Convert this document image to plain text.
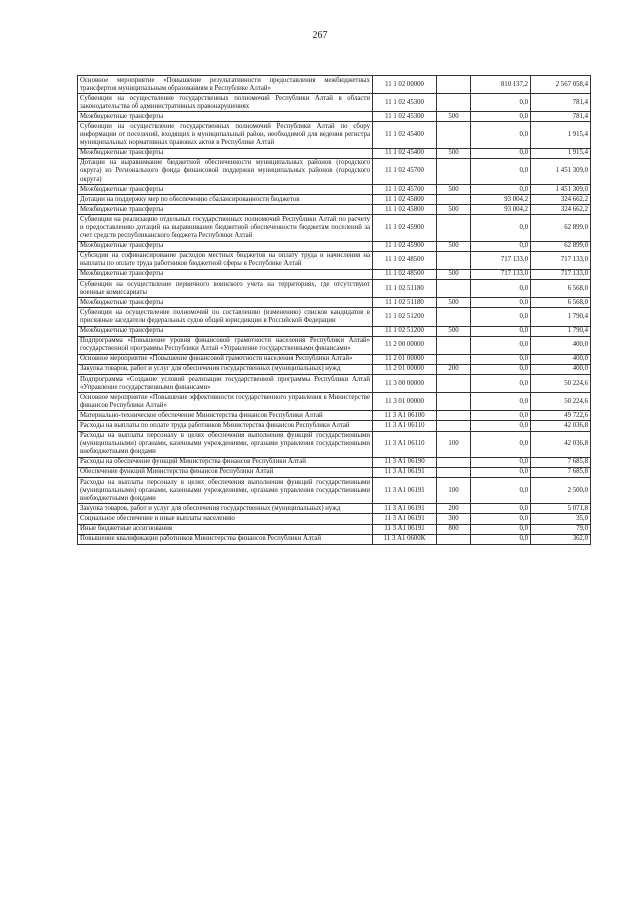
267
Основное мероприятие «Повышение результативности предоставления межбюджетных трансфертов муниципальным образованиям в Республике Алтай»	11 1 02 00000		810 137,2	2 567 058,4
Субвенции на осуществление государственных полномочий Республики Алтай в области законодательства об административных правонарушениях	11 1 02 45300		0,0	781,4
Межбюджетные трансферты	11 1 02 45300	500	0,0	781,4
Субвенции на осуществление государственных полномочий Республики Алтай по сбору информации от поселений, входящих в муниципальный район, необходимой для ведения регистра муниципальных нормативных правовых актов в Республике Алтай	11 1 02 45400		0,0	1 915,4
Межбюджетные трансферты	11 1 02 45400	500	0,0	1 915,4
Дотации на выравнивание бюджетной обеспеченности муниципальных районов (городского округа) из Регионального фонда финансовой поддержки муниципальных районов (городского округа)	11 1 02 45700		0,0	1 451 309,0
Межбюджетные трансферты	11 1 02 45700	500	0,0	1 451 309,0
Дотации на поддержку мер по обеспечению сбалансированности бюджетов	11 1 02 45800		93 004,2	324 662,2
Межбюджетные трансферты	11 1 02 45800	500	93 004,2	324 662,2
Субвенции на реализацию отдельных государственных полномочий Республики Алтай по расчету и предоставлению дотаций на выравнивание бюджетной обеспеченности бюджетам поселений за счет средств республиканского бюджета Республики Алтай	11 1 02 45900		0,0	62 899,0
Межбюджетные трансферты	11 1 02 45900	500	0,0	62 899,0
Субсидии на софинансирование расходов местных бюджетов на оплату труда и начисления на выплаты по оплате труда работников бюджетной сферы в Республике Алтай	11 1 02 48500		717 133,0	717 133,0
Межбюджетные трансферты	11 1 02 48500	500	717 133,0	717 133,0
Субвенции на осуществление первичного воинского учета на территориях, где отсутствуют военные комиссариаты	11 1 02 51180		0,0	6 568,0
Межбюджетные трансферты	11 1 02 51180	500	0,0	6 568,0
Субвенции на осуществление полномочий по составлению (изменению) списков кандидатов в присяжные заседатели федеральных судов общей юрисдикции в Российской Федерации	11 1 02 51200		0,0	1 790,4
Межбюджетные трансферты	11 1 02 51200	500	0,0	1 790,4
Подпрограмма «Повышение уровня финансовой грамотности населения Республики Алтай» государственной программы Республики Алтай «Управление государственными финансами»	11 2 00 00000		0,0	400,0
Основное мероприятие «Повышение финансовой грамотности населения Республики Алтай»	11 2 01 00000		0,0	400,0
Закупка товаров, работ и услуг для обеспечения государственных (муниципальных) нужд	11 2 01 00000	200	0,0	400,0
Подпрограмма «Создание условий реализации государственной программы Республики Алтай «Управление государственными финансами»	11 3 00 00000		0,0	50 224,6
Основное мероприятие «Повышение эффективности государственного управления в Министерстве финансов Республики Алтай»	11 3 01 00000		0,0	50 224,6
Материально-техническое обеспечение Министерства финансов Республики Алтай	11 3 А1 06100		0,0	49 722,6
Расходы на выплаты по оплате труда работников Министерства финансов Республики Алтай	11 3 А1 06110		0,0	42 036,8
Расходы на выплаты персоналу в целях обеспечения выполнения функций государственными (муниципальными) органами, казенными учреждениями, органами управления государственными внебюджетными фондами	11 3 А1 06110	100	0,0	42 036,8
Расходы на обеспечение функций Министерства финансов Республики Алтай	11 3 А1 06190		0,0	7 685,8
Обеспечение функций Министерства финансов Республики Алтай	11 3 А1 06191		0,0	7 685,8
Расходы на выплаты персоналу в целях обеспечения выполнения функций государственными (муниципальными) органами, казенными учреждениями, органами управления государственными внебюджетными фондами	11 3 А1 06191	100	0,0	2 500,0
Закупка товаров, работ и услуг для обеспечения государственных (муниципальных) нужд	11 3 А1 06191	200	0,0	5 071,8
Социальное обеспечение и иные выплаты населению	11 3 А1 06191	300	0,0	35,0
Иные бюджетные ассигнования	11 3 А1 06191	800	0,0	79,0
Повышение квалификации работников Министерства финансов Республики Алтай	11 3 А1 0600К		0,0	362,0
